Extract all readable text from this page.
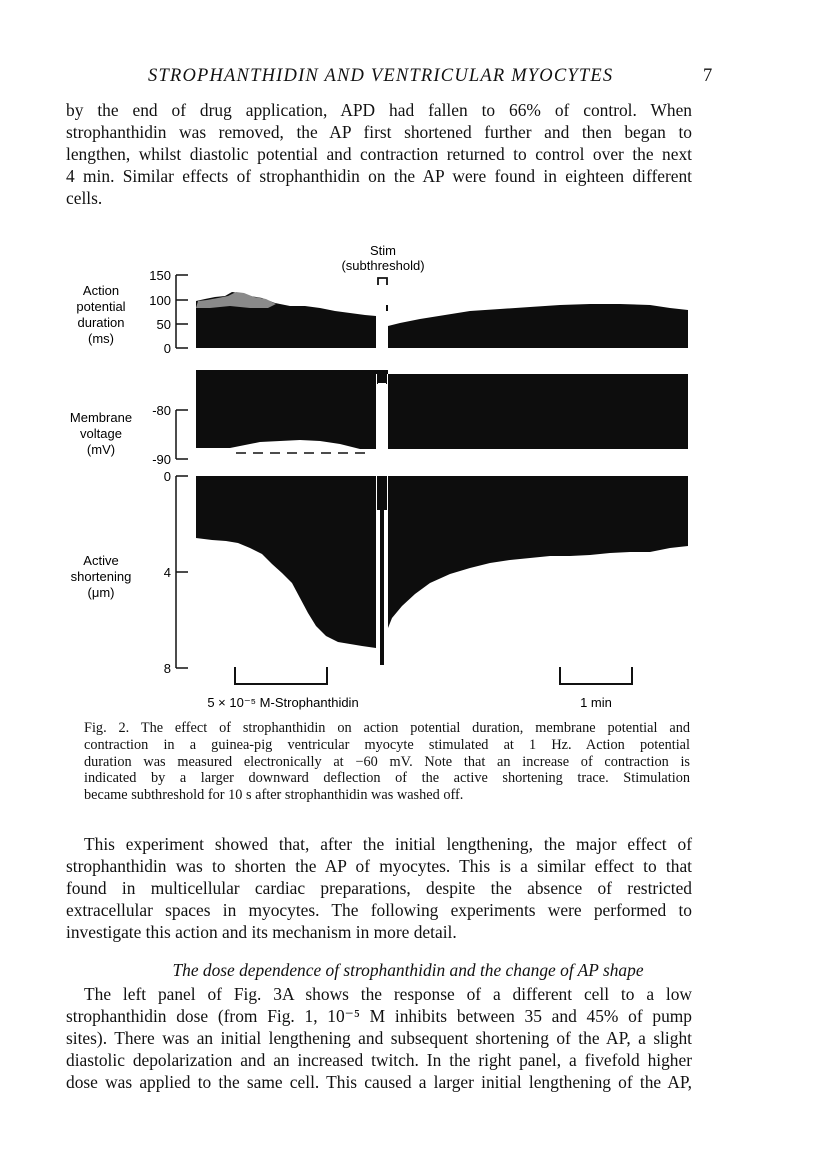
STROPHANTHIDIN AND VENTRICULAR MYOCYTES	7

by the end of drug application, APD had fallen to 66% of control. When
strophanthidin was removed, the AP first shortened further and then began to
lengthen, whilst diastolic potential and contraction returned to control over the next
4 min. Similar effects of strophanthidin on the AP were found in eighteen different
cells.

Stim
(subthreshold)
150
100
50
0
Action
potential
duration
(ms)
-80
-90
Membrane
voltage
(mV)
0
4
8
Active
shortening
(μm)
5 × 10⁻⁵ M-Strophanthidin	1 min

Fig. 2. The effect of strophanthidin on action potential duration, membrane potential and
contraction in a guinea-pig ventricular myocyte stimulated at 1 Hz. Action potential
duration was measured electronically at −60 mV. Note that an increase of contraction is
indicated by a larger downward deflection of the active shortening trace. Stimulation
became subthreshold for 10 s after strophanthidin was washed off.

This experiment showed that, after the initial lengthening, the major effect of
strophanthidin was to shorten the AP of myocytes. This is a similar effect to that
found in multicellular cardiac preparations, despite the absence of restricted
extracellular spaces in myocytes. The following experiments were performed to
investigate this action and its mechanism in more detail.

The dose dependence of strophanthidin and the change of AP shape

The left panel of Fig. 3A shows the response of a different cell to a low
strophanthidin dose (from Fig. 1, 10⁻⁵ M inhibits between 35 and 45% of pump
sites). There was an initial lengthening and subsequent shortening of the AP, a slight
diastolic depolarization and an increased twitch. In the right panel, a fivefold higher
dose was applied to the same cell. This caused a larger initial lengthening of the AP,
